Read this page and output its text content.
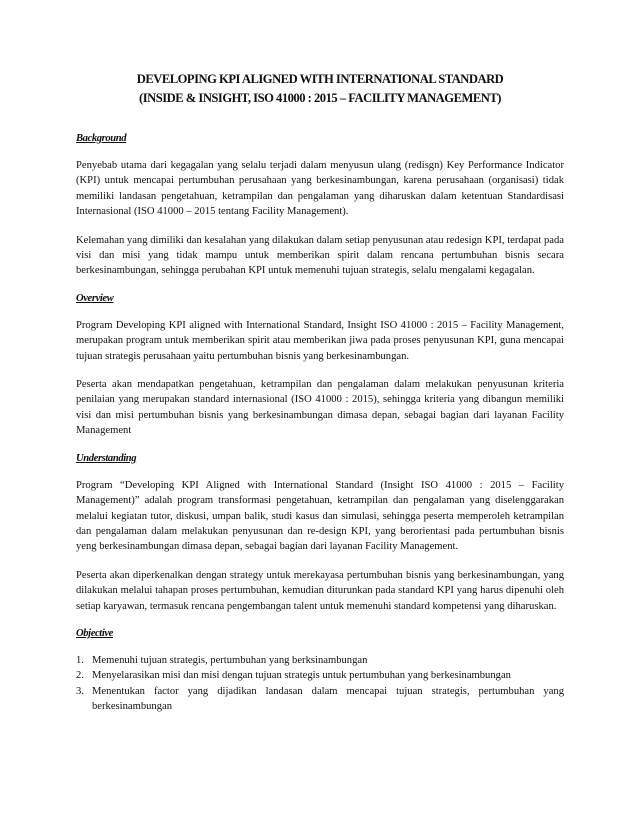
DEVELOPING KPI ALIGNED WITH INTERNATIONAL STANDARD
(INSIDE & INSIGHT, ISO 41000 : 2015 – FACILITY MANAGEMENT)
Background

Penyebab utama dari kegagalan yang selalu terjadi dalam menyusun ulang (redisgn) Key Performance Indicator (KPI) untuk mencapai pertumbuhan perusahaan yang berkesinambungan, karena perusahaan (organisasi) tidak memiliki landasan pengetahuan, ketrampilan dan pengalaman yang diharuskan dalam ketentuan Standardisasi Internasional (ISO 41000 – 2015 tentang Facility Management).

Kelemahan yang dimiliki dan kesalahan yang dilakukan dalam setiap penyusunan atau redesign KPI, terdapat pada visi dan misi yang tidak mampu untuk memberikan spirit dalam rencana pertumbuhan bisnis secara berkesinambungan, sehingga perubahan KPI untuk memenuhi tujuan strategis, selalu mengalami kegagalan.

Overview

Program Developing KPI aligned with International Standard, Insight ISO 41000 : 2015 – Facility Management, merupakan program untuk memberikan spirit atau memberikan jiwa pada proses penyusunan KPI, guna mencapai tujuan strategis perusahaan yaitu pertumbuhan bisnis yang berkesinambungan.

Peserta akan mendapatkan pengetahuan, ketrampilan dan pengalaman dalam melakukan penyusunan kriteria penilaian yang merupakan standard internasional (ISO 41000 : 2015), sehingga kriteria yang dibangun memiliki visi dan misi pertumbuhan bisnis yang berkesinambungan dimasa depan, sebagai bagian dari layanan Facility Management

Understanding

Program “Developing KPI Aligned with International Standard (Insight ISO 41000 : 2015 – Facility Management)” adalah program transformasi pengetahuan, ketrampilan dan pengalaman yang diselenggarakan melalui kegiatan tutor, diskusi, umpan balik, studi kasus dan simulasi, sehingga peserta memperoleh ketrampilan dan pengalaman dalam melakukan penyusunan dan re-design KPI, yang berorientasi pada pertumbuhan bisnis yeng berkesinambungan dimasa depan, sebagai bagian dari layanan Facility Management.

Peserta akan diperkenalkan dengan strategy untuk merekayasa pertumbuhan bisnis yang berkesinambungan, yang dilakukan melalui tahapan proses pertumbuhan, kemudian diturunkan pada standard KPI yang harus dipenuhi oleh setiap karyawan, termasuk rencana pengembangan talent untuk memenuhi standard kompetensi yang diharuskan.

Objective
1. Memenuhi tujuan strategis, pertumbuhan yang berksinambungan
2. Menyelarasikan misi dan misi dengan tujuan strategis untuk pertumbuhan yang berkesinambungan
3. Menentukan factor yang dijadikan landasan dalam mencapai tujuan strategis, pertumbuhan yang berkesinambungan
